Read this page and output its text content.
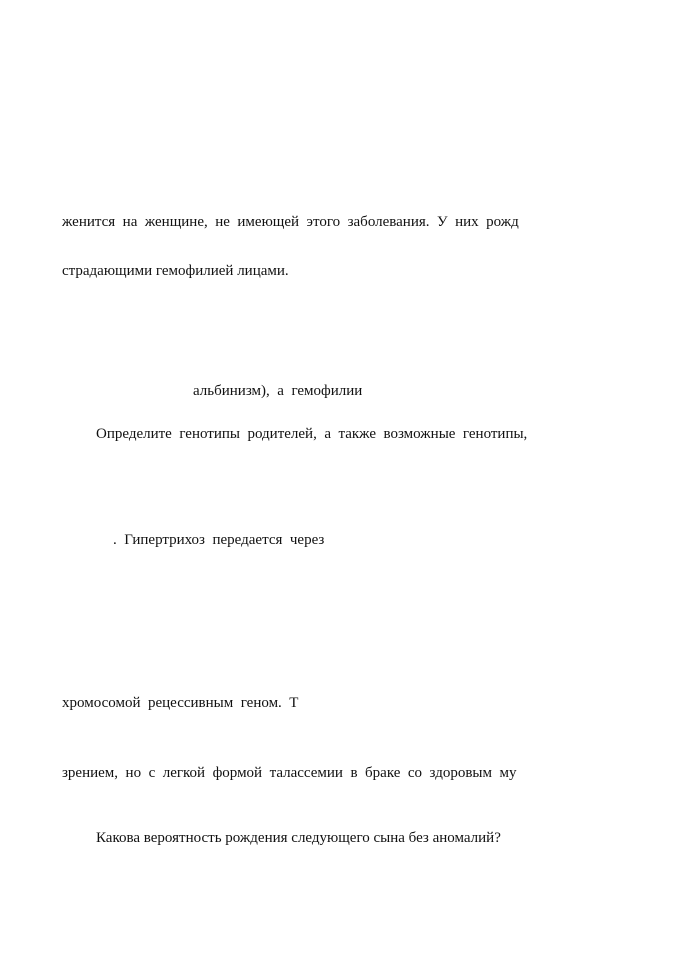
женится  на  женщине,  не  имеющей  этого  заболевания.  У  них  рожд
страдающими гемофилией лицами.
альбинизм),  а  гемофилии
Определите  генотипы  родителей,  а  также  возможные  генотипы,
.  Гипертрихоз  передается  через
хромосомой  рецессивным  геном.  Т
зрением,  но  с  легкой  формой  талассемии  в  браке  со  здоровым  му
Какова вероятность рождения следующего сына без аномалий?
